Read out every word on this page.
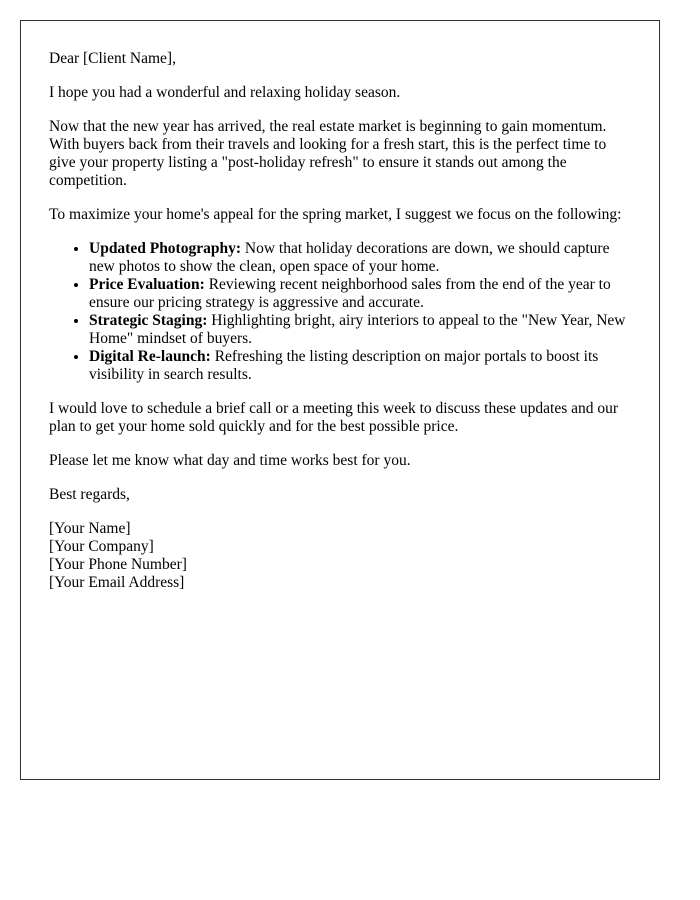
Dear [Client Name],

I hope you had a wonderful and relaxing holiday season.

Now that the new year has arrived, the real estate market is beginning to gain momentum. With buyers back from their travels and looking for a fresh start, this is the perfect time to give your property listing a "post-holiday refresh" to ensure it stands out among the competition.

To maximize your home's appeal for the spring market, I suggest we focus on the following:

• Updated Photography: Now that holiday decorations are down, we should capture new photos to show the clean, open space of your home.
• Price Evaluation: Reviewing recent neighborhood sales from the end of the year to ensure our pricing strategy is aggressive and accurate.
• Strategic Staging: Highlighting bright, airy interiors to appeal to the "New Year, New Home" mindset of buyers.
• Digital Re-launch: Refreshing the listing description on major portals to boost its visibility in search results.

I would love to schedule a brief call or a meeting this week to discuss these updates and our plan to get your home sold quickly and for the best possible price.

Please let me know what day and time works best for you.

Best regards,

[Your Name]
[Your Company]
[Your Phone Number]
[Your Email Address]
